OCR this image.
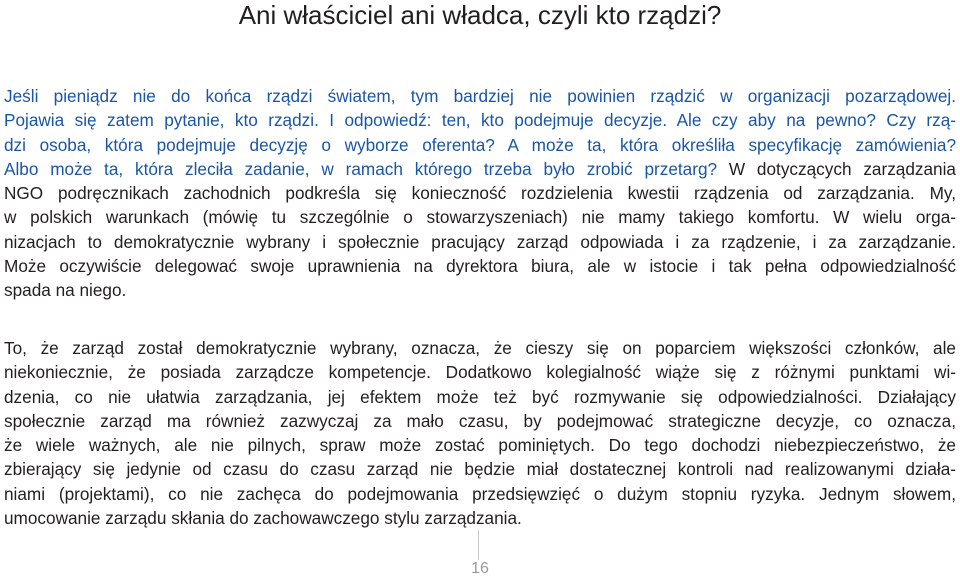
Ani właściciel ani władca, czyli kto rządzi?
Jeśli pieniądz nie do końca rządzi światem, tym bardziej nie powinien rządzić w organizacji pozarządowej.
Pojawia się zatem pytanie, kto rządzi. I odpowiedź: ten, kto podejmuje decyzje. Ale czy aby na pewno? Czy rzą-
dzi osoba, która podejmuje decyzję o wyborze oferenta? A może ta, która określiła specyfikację zamówienia?
Albo może ta, która zleciła zadanie, w ramach którego trzeba było zrobić przetarg? W dotyczących zarządzania
NGO podręcznikach zachodnich podkreśla się konieczność rozdzielenia kwestii rządzenia od zarządzania. My,
w polskich warunkach (mówię tu szczególnie o stowarzyszeniach) nie mamy takiego komfortu. W wielu orga-
nizacjach to demokratycznie wybrany i społecznie pracujący zarząd odpowiada i za rządzenie, i za zarządzanie.
Może oczywiście delegować swoje uprawnienia na dyrektora biura, ale w istocie i tak pełna odpowiedzialność
spada na niego.
To, że zarząd został demokratycznie wybrany, oznacza, że cieszy się on poparciem większości członków, ale
niekoniecznie, że posiada zarządcze kompetencje. Dodatkowo kolegialność wiąże się z różnymi punktami wi-
dzenia, co nie ułatwia zarządzania, jej efektem może też być rozmywanie się odpowiedzialności. Działający
społecznie zarząd ma również zazwyczaj za mało czasu, by podejmować strategiczne decyzje, co oznacza,
że wiele ważnych, ale nie pilnych, spraw może zostać pominiętych. Do tego dochodzi niebezpieczeństwo, że
zbierający się jedynie od czasu do czasu zarząd nie będzie miał dostatecznej kontroli nad realizowanymi działa-
niami (projektami), co nie zachęca do podejmowania przedsięwzięć o dużym stopniu ryzyka. Jednym słowem,
umocowanie zarządu skłania do zachowawczego stylu zarządzania.
16
